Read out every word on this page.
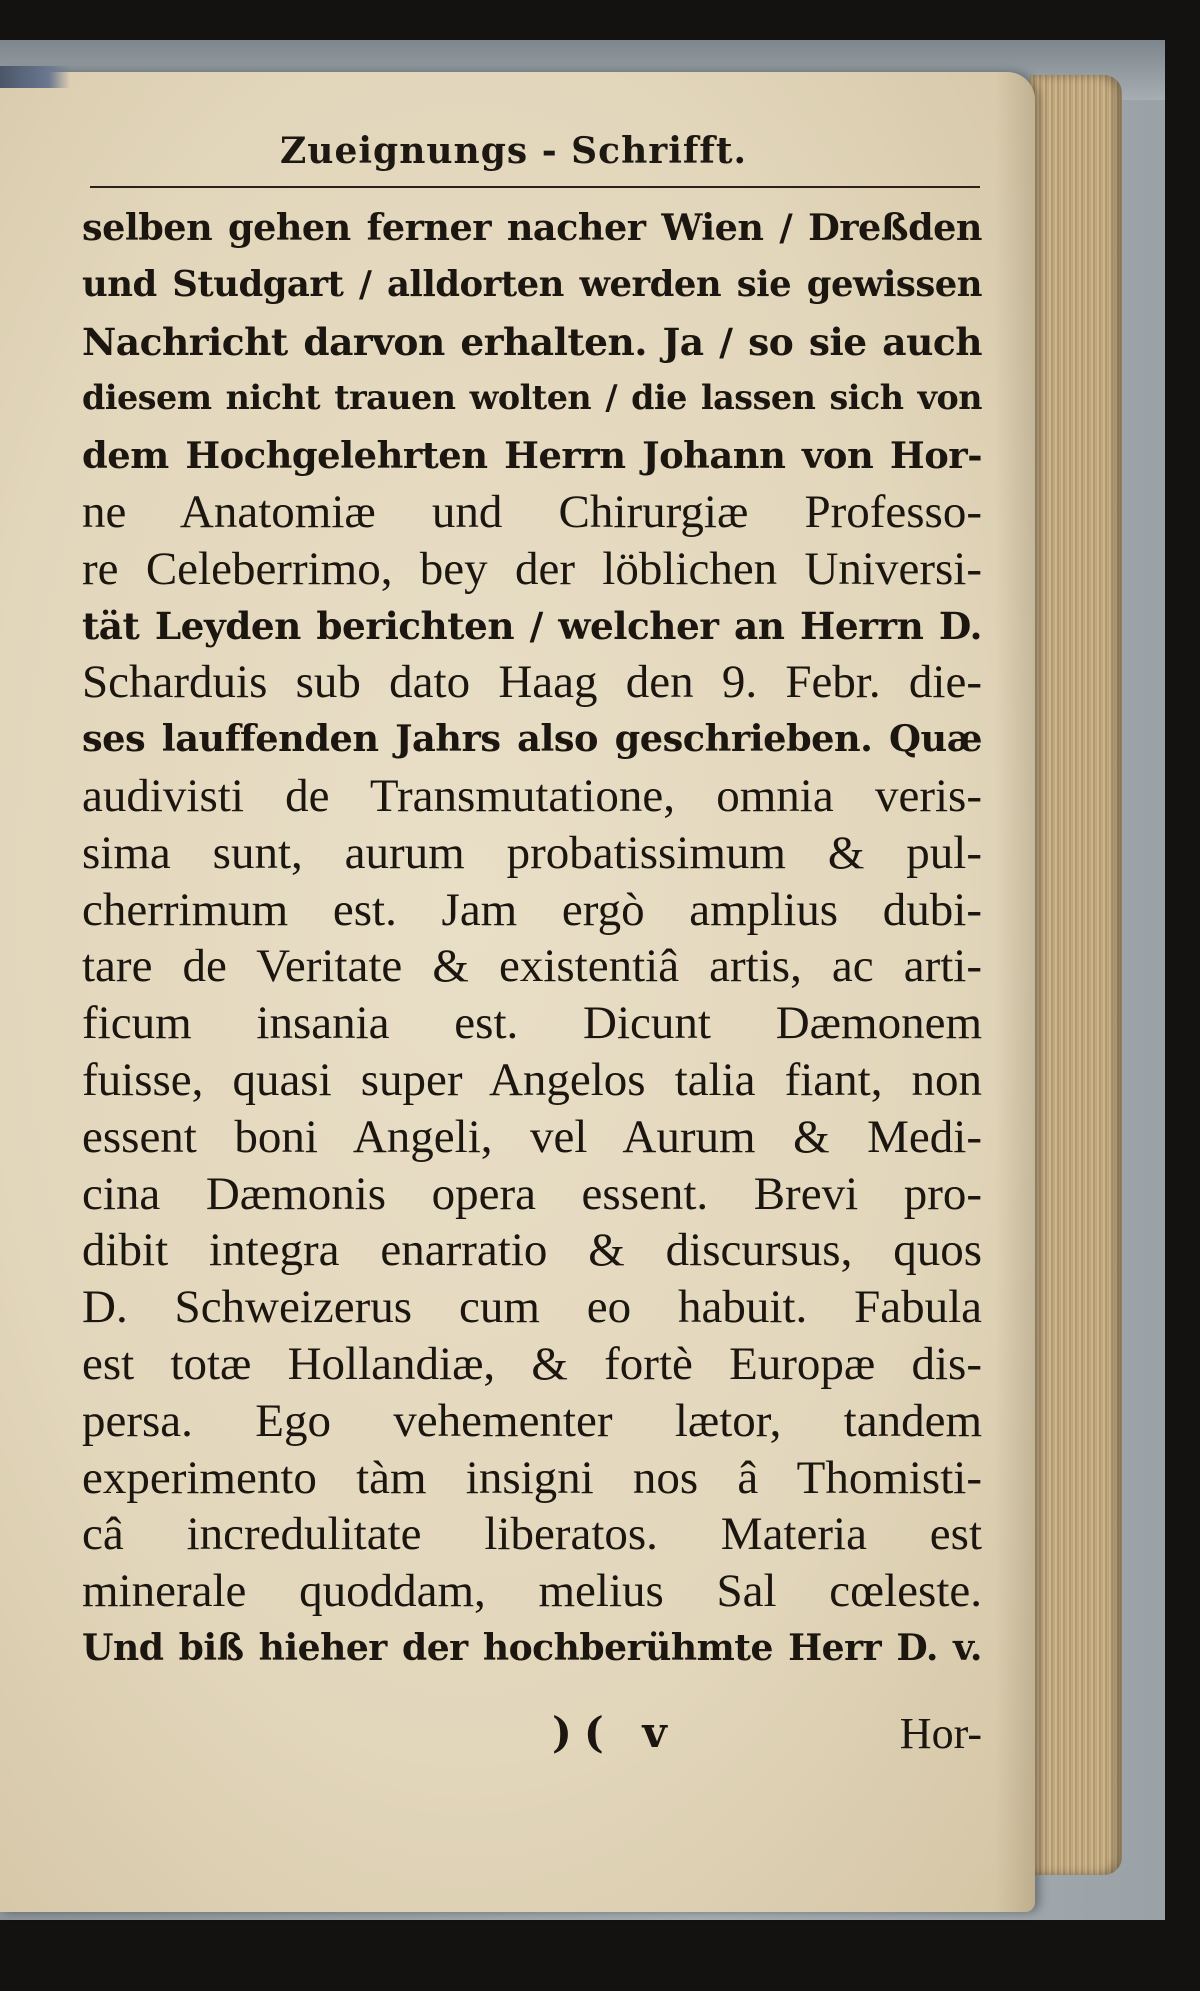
Zueignungs - Schrifft.
selben gehen ferner nacher Wien / Dreßden
und Studgart / alldorten werden sie gewissen
Nachricht darvon erhalten. Ja / so sie auch
diesem nicht trauen wolten / die lassen sich von
dem Hochgelehrten Herrn Johann von Hor-
ne Anatomiæ und Chirurgiæ Professo-
re Celeberrimo, bey der löblichen Universi-
tät Leyden berichten / welcher an Herrn D.
Scharduis sub dato Haag den 9. Febr. die-
ses lauffenden Jahrs also geschrieben. Quæ
audivisti de Transmutatione, omnia veris-
sima sunt, aurum probatissimum & pul-
cherrimum est. Jam ergò amplius dubi-
tare de Veritate & existentiâ artis, ac arti-
ficum insania est. Dicunt Dæmonem
fuisse, quasi super Angelos talia fiant, non
essent boni Angeli, vel Aurum & Medi-
cina Dæmonis opera essent. Brevi pro-
dibit integra enarratio & discursus, quos
D. Schweizerus cum eo habuit. Fabula
est totæ Hollandiæ, & fortè Europæ dis-
persa. Ego vehementer lætor, tandem
experimento tàm insigni nos â Thomisti-
câ incredulitate liberatos. Materia est
minerale quoddam, melius Sal cœleste.
Und biß hieher der hochberühmte Herr D. v.
)( v	Hor-
